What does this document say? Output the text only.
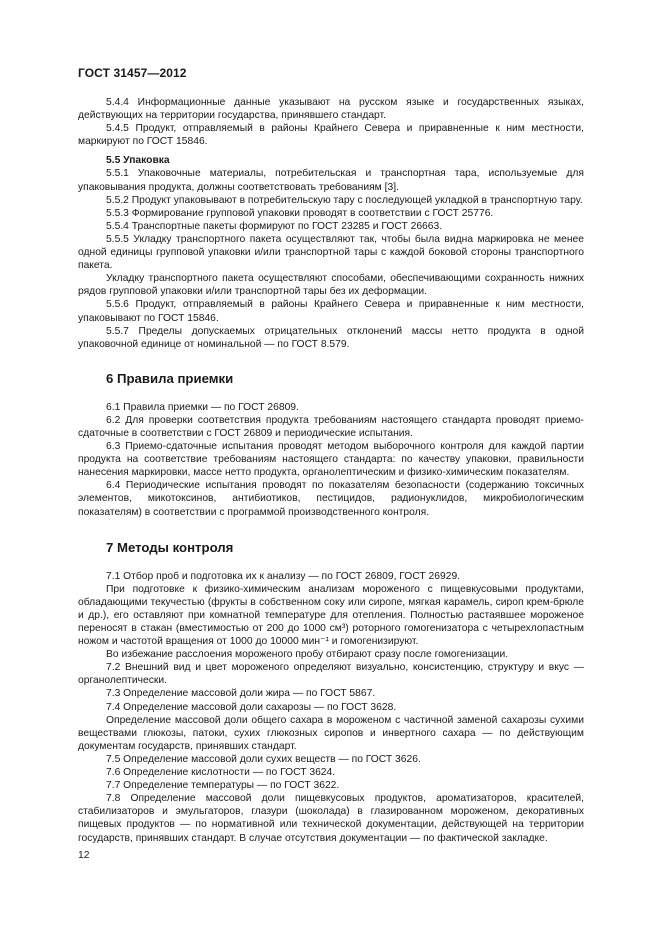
ГОСТ 31457—2012

5.4.4 Информационные данные указывают на русском языке и государственных языках, действующих на территории государства, принявшего стандарт.

5.4.5 Продукт, отправляемый в районы Крайнего Севера и приравненные к ним местности, маркируют по ГОСТ 15846.

5.5 Упаковка

5.5.1 Упаковочные материалы, потребительская и транспортная тара, используемые для упаковывания продукта, должны соответствовать требованиям [3].

5.5.2 Продукт упаковывают в потребительскую тару с последующей укладкой в транспортную тару.

5.5.3 Формирование групповой упаковки проводят в соответствии с ГОСТ 25776.

5.5.4 Транспортные пакеты формируют по ГОСТ 23285 и ГОСТ 26663.

5.5.5 Укладку транспортного пакета осуществляют так, чтобы была видна маркировка не менее одной единицы групповой упаковки и/или транспортной тары с каждой боковой стороны транспортного пакета.

Укладку транспортного пакета осуществляют способами, обеспечивающими сохранность нижних рядов групповой упаковки и/или транспортной тары без их деформации.

5.5.6 Продукт, отправляемый в районы Крайнего Севера и приравненные к ним местности, упаковывают по ГОСТ 15846.

5.5.7 Пределы допускаемых отрицательных отклонений массы нетто продукта в одной упаковочной единице от номинальной — по ГОСТ 8.579.

6 Правила приемки

6.1 Правила приемки — по ГОСТ 26809.

6.2 Для проверки соответствия продукта требованиям настоящего стандарта проводят приемо-сдаточные в соответствии с ГОСТ 26809 и периодические испытания.

6.3 Приемо-сдаточные испытания проводят методом выборочного контроля для каждой партии продукта на соответствие требованиям настоящего стандарта: по качеству упаковки, правильности нанесения маркировки, массе нетто продукта, органолептическим и физико-химическим показателям.

6.4 Периодические испытания проводят по показателям безопасности (содержанию токсичных элементов, микотоксинов, антибиотиков, пестицидов, радионуклидов, микробиологическим показателям) в соответствии с программой производственного контроля.

7 Методы контроля

7.1 Отбор проб и подготовка их к анализу — по ГОСТ 26809, ГОСТ 26929.

При подготовке к физико-химическим анализам мороженого с пищевкусовыми продуктами, обладающими текучестью (фрукты в собственном соку или сиропе, мягкая карамель, сироп крем-брюле и др.), его оставляют при комнатной температуре для отепления. Полностью растаявшее мороженое переносят в стакан (вместимостью от 200 до 1000 см³) роторного гомогенизатора с четырехлопастным ножом и частотой вращения от 1000 до 10000 мин⁻¹ и гомогенизируют.

Во избежание расслоения мороженого пробу отбирают сразу после гомогенизации.

7.2 Внешний вид и цвет мороженого определяют визуально, консистенцию, структуру и вкус — органолептически.

7.3 Определение массовой доли жира — по ГОСТ 5867.

7.4 Определение массовой доли сахарозы — по ГОСТ 3628.

Определение массовой доли общего сахара в мороженом с частичной заменой сахарозы сухими веществами глюкозы, патоки, сухих глюкозных сиропов и инвертного сахара — по действующим документам государств, принявших стандарт.

7.5 Определение массовой доли сухих веществ — по ГОСТ 3626.

7.6 Определение кислотности — по ГОСТ 3624.

7.7 Определение температуры — по ГОСТ 3622.

7.8 Определение массовой доли пищевкусовых продуктов, ароматизаторов, красителей, стабилизаторов и эмульгаторов, глазури (шоколада) в глазированном мороженом, декоративных пищевых продуктов — по нормативной или технической документации, действующей на территории государств, принявших стандарт. В случае отсутствия документации — по фактической закладке.

12
